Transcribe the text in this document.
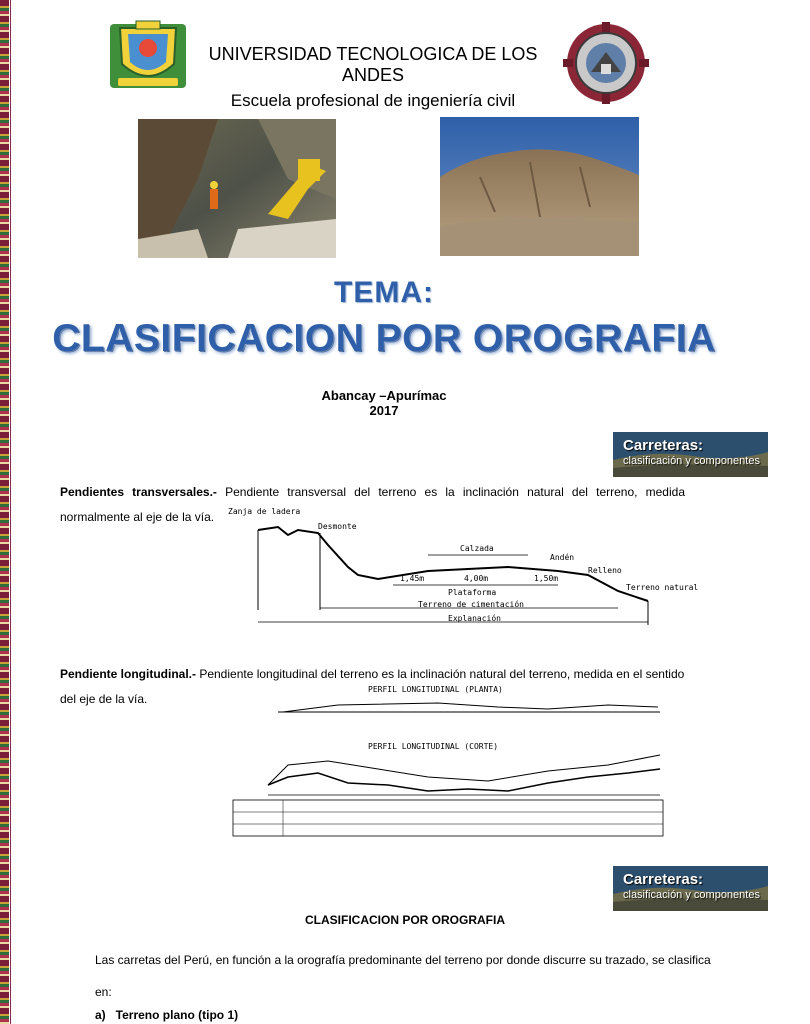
UNIVERSIDAD TECNOLOGICA DE LOS ANDES
Escuela profesional de ingeniería civil
TEMA:
CLASIFICACION POR OROGRAFIA
Abancay –Apurímac
2017
Carreteras:
clasificación y componentes
Pendientes transversales.- Pendiente transversal del terreno es la inclinación natural del terreno, medida normalmente al eje de la vía.	Zanja de ladera
Desmonte
Calzada
Andén
Relleno
Terreno natural
1,45m	4,00m	1,50m
Plataforma
Terreno de cimentación
Explanación
Pendiente longitudinal.- Pendiente longitudinal del terreno es la inclinación natural del terreno, medida en el sentido del eje de la vía.
PERFIL LONGITUDINAL (PLANTA)
PERFIL LONGITUDINAL (CORTE)
Carreteras:
clasificación y componentes
CLASIFICACION POR OROGRAFIA
Las carretas del Perú, en función a la orografía predominante del terreno por donde discurre su trazado, se clasifica en:
a)   Terreno plano (tipo 1)
